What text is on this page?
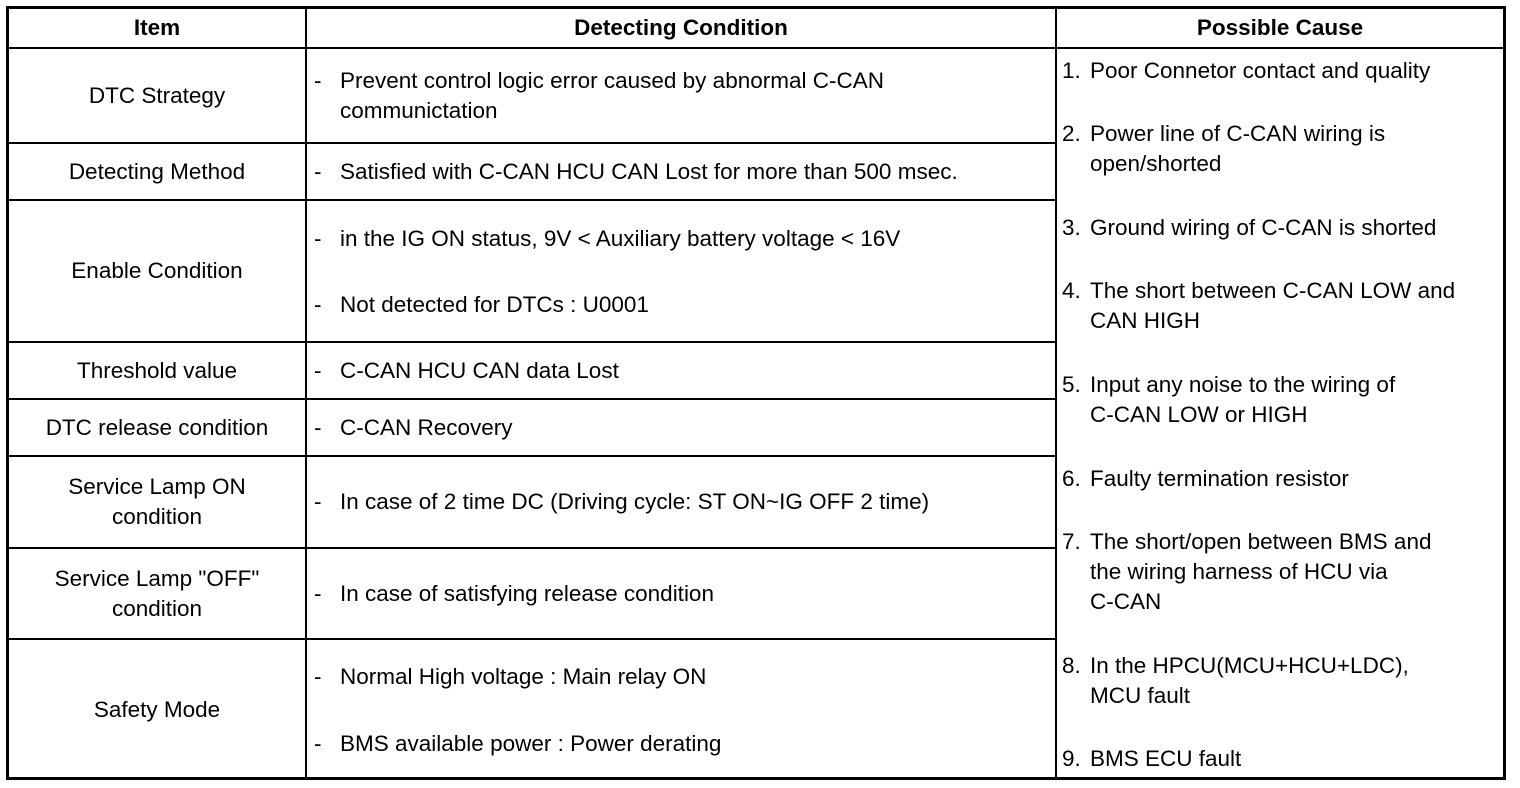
Item	Detecting Condition	Possible Cause
DTC Strategy
Detecting Method
Enable Condition
Threshold value
DTC release condition
Service Lamp ON condition
Service Lamp "OFF" condition
Safety Mode
- Prevent control logic error caused by abnormal C-CAN
communictation
- Satisfied with C-CAN HCU CAN Lost for more than 500 msec.
- in the IG ON status, 9V < Auxiliary battery voltage < 16V
- Not detected for DTCs : U0001
- C-CAN HCU CAN data Lost
- C-CAN Recovery
- In case of 2 time DC (Driving cycle: ST ON~IG OFF 2 time)
- In case of satisfying release condition
- Normal High voltage : Main relay ON
- BMS available power : Power derating
1. Poor Connetor contact and quality
2. Power line of C-CAN wiring is
open/shorted
3. Ground wiring of C-CAN is shorted
4. The short between C-CAN LOW and
CAN HIGH
5. Input any noise to the wiring of
C-CAN LOW or HIGH
6. Faulty termination resistor
7. The short/open between BMS and
the wiring harness of HCU via
C-CAN
8. In the HPCU(MCU+HCU+LDC),
MCU fault
9. BMS ECU fault
